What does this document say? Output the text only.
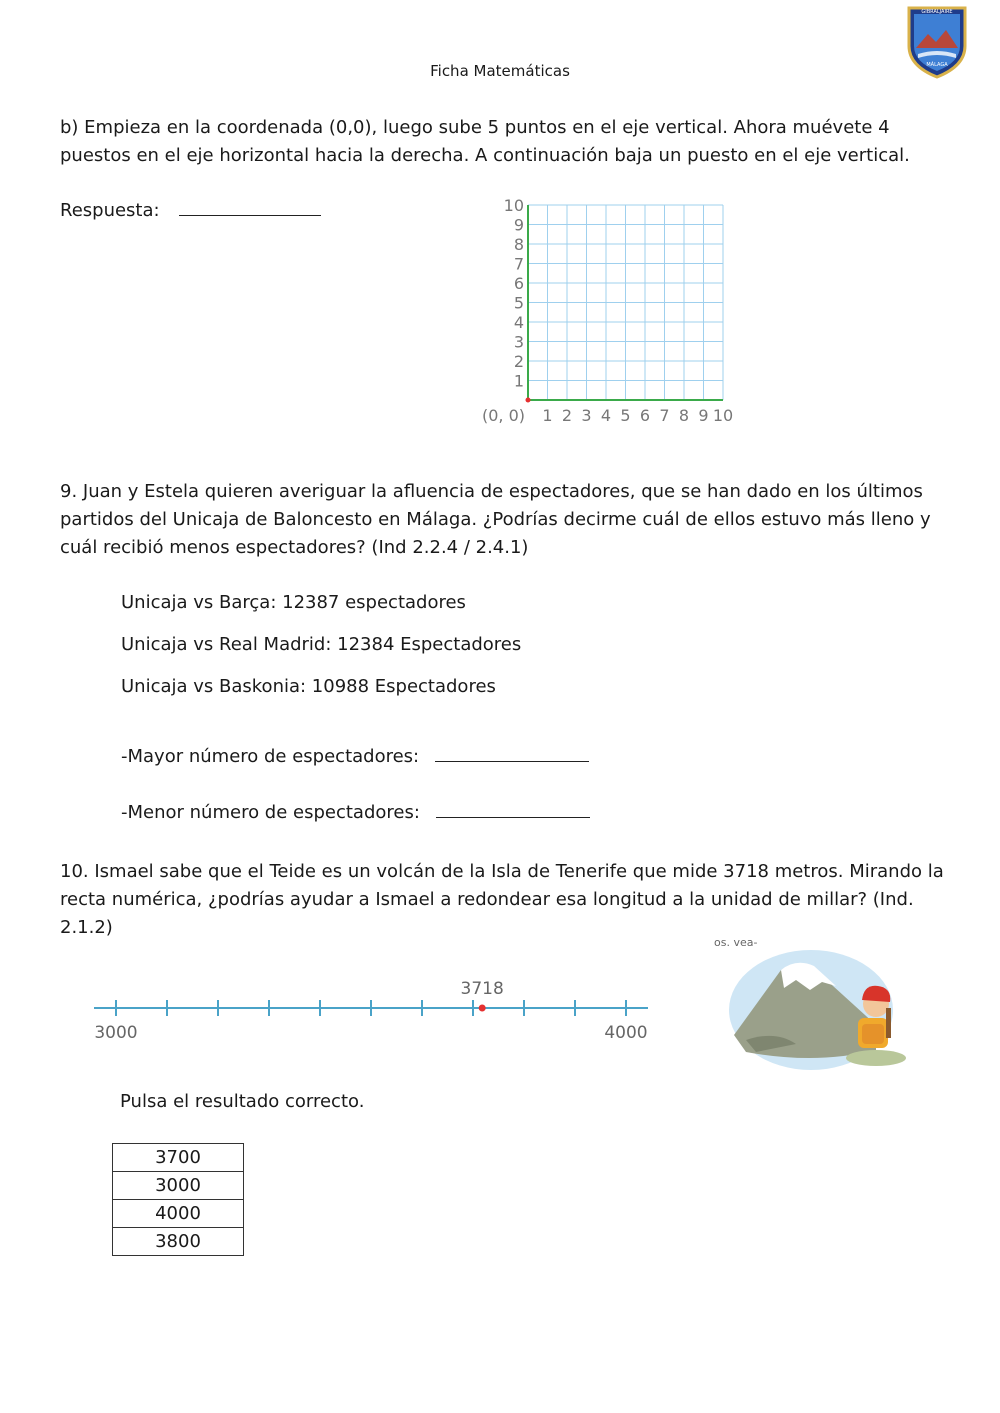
Ficha Matemáticas
GIBRALJAIRE
MÁLAGA
b) Empieza en la coordenada (0,0), luego sube 5 puntos en el eje vertical. Ahora muévete 4 puestos en el eje horizontal hacia la derecha. A continuación baja un puesto en el eje vertical.
Respuesta:
1
2
3
4
5
6
7
8
9
10
1 2 3 4 5 6 7 8 9 10
(0, 0)
9. Juan y Estela quieren averiguar la afluencia de espectadores, que se han dado en los últimos partidos del Unicaja de Baloncesto en Málaga. ¿Podrías decirme cuál de ellos estuvo más lleno y cuál recibió menos espectadores? (Ind 2.2.4 / 2.4.1)
Unicaja vs Barça: 12387 espectadores
Unicaja vs Real Madrid: 12384 Espectadores
Unicaja vs Baskonia: 10988 Espectadores
-Mayor número de espectadores:
-Menor número de espectadores:
10. Ismael sabe que el Teide es un volcán de la Isla de Tenerife que mide 3718 metros. Mirando la recta numérica, ¿podrías ayudar a Ismael a redondear esa longitud a la unidad de millar? (Ind. 2.1.2)
3000	4000
3718
os. vea-
Pulsa el resultado correcto.
3700
3000
4000
3800
